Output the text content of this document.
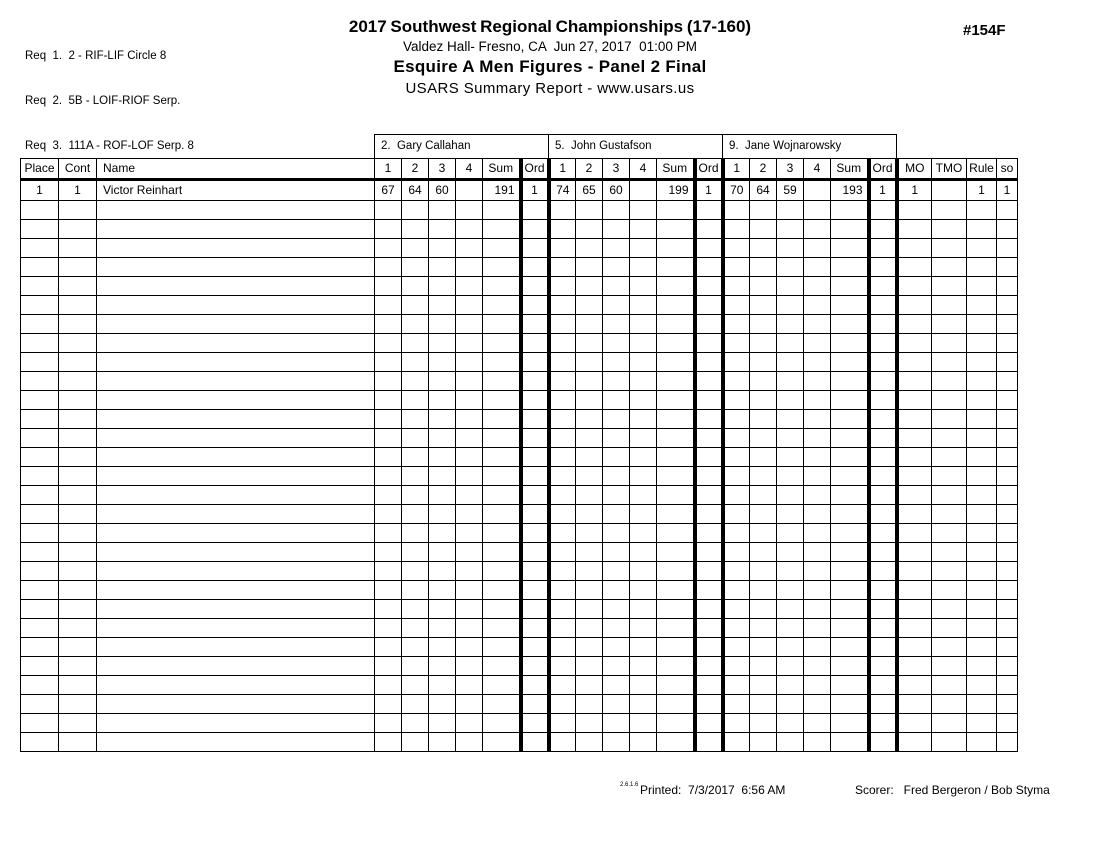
Req  1.  2 - RIF-LIF Circle 8

Req  2.  5B - LOIF-RIOF Serp.

Req  3.  111A - ROF-LOF Serp. 8

2017 Southwest Regional Championships (17-160)
Valdez Hall- Fresno, CA  Jun 27, 2017  01:00 PM
Esquire A Men Figures - Panel 2 Final
USARS Summary Report - www.usars.us
#154F
			2.  Gary Callahan						5.  John Gustafson						9.  Jane Wojnarowsky									
Place	Cont	Name	1	2	3	4	Sum	Ord	1	2	3	4	Sum	Ord	1	2	3	4	Sum	Ord	MO	TMO	Rule	so
1	1	Victor Reinhart	67	64	60		191	1	74	65	60		199	1	70	64	59		193	1	1		1	1

2.6.1.6 Printed:  7/3/2017  6:56 AM	Scorer:   Fred Bergeron / Bob Styma
